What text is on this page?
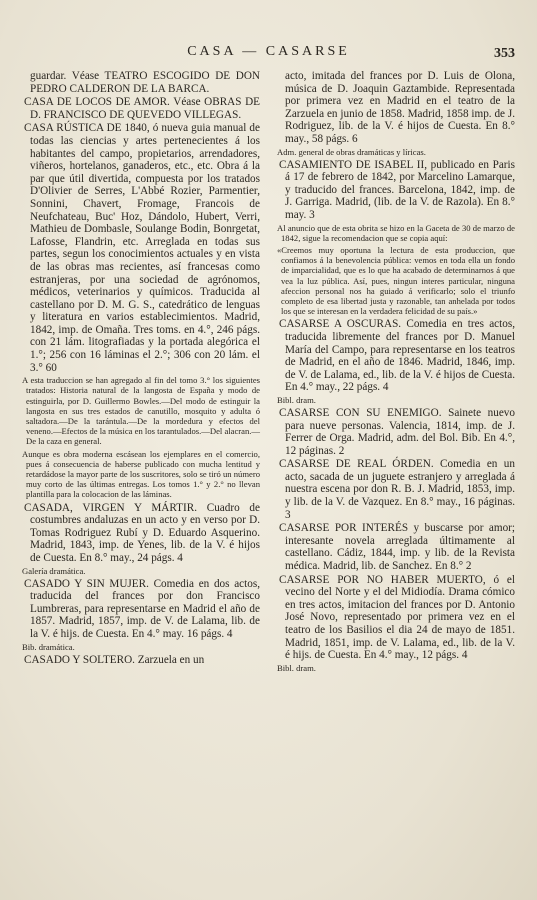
CASA — CASARSE	353

guardar. Véase TEATRO ESCOGIDO DE DON PEDRO CALDERON DE LA BARCA.

CASA DE LOCOS DE AMOR. Véase OBRAS DE D. FRANCISCO DE QUEVEDO VILLEGAS.

CASA RÚSTICA DE 1840, ó nueva guia manual de todas las ciencias y artes pertenecientes á los habitantes del campo, propietarios, arrendadores, viñeros, hortelanos, ganaderos, etc., etc. Obra á la par que útil divertida, compuesta por los tratados D'Olivier de Serres, L'Abbé Rozier, Parmentier, Sonnini, Chavert, Fromage, Francois de Neufchateau, Buc' Hoz, Dándolo, Hubert, Verri, Mathieu de Dombasle, Soulange Bodin, Bonrgetat, Lafosse, Flandrin, etc. Arreglada en todas sus partes, segun los conocimientos actuales y en vista de las obras mas recientes, así francesas como estranjeras, por una sociedad de agrónomos, médicos, veterinarios y químicos. Traducida al castellano por D. M. G. S., catedrático de lenguas y literatura en varios establecimientos. Madrid, 1842, imp. de Omaña. Tres toms. en 4.°, 246 págs. con 21 lám. litografiadas y la portada alegórica el 1.°; 256 con 16 láminas el 2.°; 306 con 20 lám. el 3.° 60

A esta traduccion se han agregado al fin del tomo 3.° los siguientes tratados: Historia natural de la langosta de España y modo de estinguirla, por D. Guillermo Bowles.—Del modo de estinguir la langosta en sus tres estados de canutillo, mosquito y adulta ó saltadora.—De la tarántula.—De la mordedura y efectos del veneno.—Efectos de la música en los tarantulados.—Del alacran.—De la caza en general.

Aunque es obra moderna escásean los ejemplares en el comercio, pues á consecuencia de haberse publicado con mucha lentitud y retardádose la mayor parte de los suscritores, solo se tiró un número muy corto de las últimas entregas. Los tomos 1.° y 2.° no llevan plantilla para la colocacion de las láminas.

CASADA, VIRGEN Y MÁRTIR. Cuadro de costumbres andaluzas en un acto y en verso por D. Tomas Rodriguez Rubí y D. Eduardo Asquerino. Madrid, 1843, imp. de Yenes, lib. de la V. é hijos de Cuesta. En 8.° may., 24 págs. 4

Galería dramática.

CASADO Y SIN MUJER. Comedia en dos actos, traducida del frances por don Francisco Lumbreras, para representarse en Madrid el año de 1857. Madrid, 1857, imp. de V. de Lalama, lib. de la V. é hijs. de Cuesta. En 4.° may. 16 págs. 4

Bib. dramática.

CASADO Y SOLTERO. Zarzuela en un

acto, imitada del frances por D. Luis de Olona, música de D. Joaquin Gaztambide. Representada por primera vez en Madrid en el teatro de la Zarzuela en junio de 1858. Madrid, 1858 imp. de J. Rodriguez, lib. de la V. é hijos de Cuesta. En 8.° may., 58 págs. 6

Adm. general de obras dramáticas y líricas.

CASAMIENTO DE ISABEL II, publicado en Paris á 17 de febrero de 1842, por Marcelino Lamarque, y traducido del frances. Barcelona, 1842, imp. de J. Garriga. Madrid, (lib. de la V. de Razola). En 8.° may. 3

Al anuncio que de esta obrita se hizo en la Gaceta de 30 de marzo de 1842, sigue la recomendacion que se copia aquí:

«Creemos muy oportuna la lectura de esta produccion, que confiamos á la benevolencia pública: vemos en toda ella un fondo de imparcialidad, que es lo que ha acabado de determinarnos á que vea la luz pública. Así, pues, ningun interes particular, ninguna afeccion personal nos ha guiado á verificarlo; solo el triunfo completo de esa libertad justa y razonable, tan anhelada por todos los que se interesan en la verdadera felicidad de su país.»

CASARSE A OSCURAS. Comedia en tres actos, traducida libremente del frances por D. Manuel María del Campo, para representarse en los teatros de Madrid, en el año de 1846. Madrid, 1846, imp. de V. de Lalama, ed., lib. de la V. é hijos de Cuesta. En 4.° may., 22 págs. 4

Bibl. dram.

CASARSE CON SU ENEMIGO. Sainete nuevo para nueve personas. Valencia, 1814, imp. de J. Ferrer de Orga. Madrid, adm. del Bol. Bib. En 4.°, 12 páginas. 2

CASARSE DE REAL ÓRDEN. Comedia en un acto, sacada de un juguete estranjero y arreglada á nuestra escena por don R. B. J. Madrid, 1853, imp. y lib. de la V. de Vazquez. En 8.° may., 16 páginas. 3

CASARSE POR INTERÉS y buscarse por amor; interesante novela arreglada últimamente al castellano. Cádiz, 1844, imp. y lib. de la Revista médica. Madrid, lib. de Sanchez. En 8.° 2

CASARSE POR NO HABER MUERTO, ó el vecino del Norte y el del Midiodía. Drama cómico en tres actos, imitacion del frances por D. Antonio José Novo, representado por primera vez en el teatro de los Basilios el dia 24 de mayo de 1851. Madrid, 1851, imp. de V. Lalama, ed., lib. de la V. é hijs. de Cuesta. En 4.° may., 12 págs. 4

Bibl. dram.
